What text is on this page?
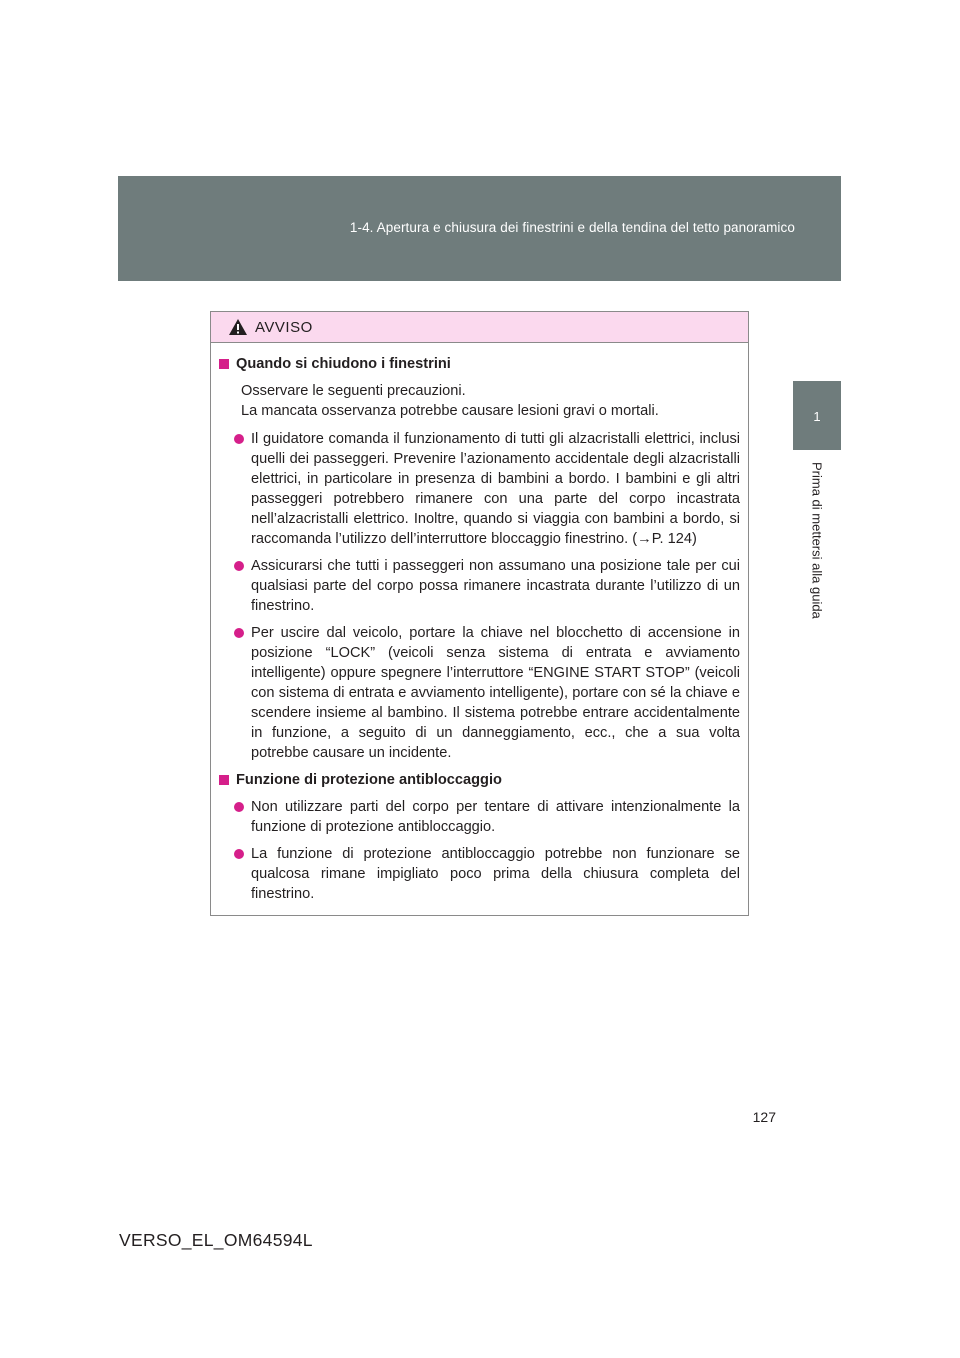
1-4. Apertura e chiusura dei finestrini e della tendina del tetto panoramico
1
Prima di mettersi alla guida
AVVISO
Quando si chiudono i finestrini
Osservare le seguenti precauzioni.
La mancata osservanza potrebbe causare lesioni gravi o mortali.
Il guidatore comanda il funzionamento di tutti gli alzacristalli elettrici, inclusi quelli dei passeggeri. Prevenire l’azionamento accidentale degli alzacristalli elettrici, in particolare in presenza di bambini a bordo. I bambini e gli altri passeggeri potrebbero rimanere con una parte del corpo incastrata nell’alzacristalli elettrico. Inoltre, quando si viaggia con bambini a bordo, si raccomanda l’utilizzo dell’interruttore bloccaggio finestrino. (→P. 124)
Assicurarsi che tutti i passeggeri non assumano una posizione tale per cui qualsiasi parte del corpo possa rimanere incastrata durante l’utilizzo di un finestrino.
Per uscire dal veicolo, portare la chiave nel blocchetto di accensione in posizione “LOCK” (veicoli senza sistema di entrata e avviamento intelligente) oppure spegnere l’interruttore “ENGINE START STOP” (veicoli con sistema di entrata e avviamento intelligente), portare con sé la chiave e scendere insieme al bambino. Il sistema potrebbe entrare accidentalmente in funzione, a seguito di un danneggiamento, ecc., che a sua volta potrebbe causare un incidente.
Funzione di protezione antibloccaggio
Non utilizzare parti del corpo per tentare di attivare intenzionalmente la funzione di protezione antibloccaggio.
La funzione di protezione antibloccaggio potrebbe non funzionare se qualcosa rimane impigliato poco prima della chiusura completa del finestrino.
127
VERSO_EL_OM64594L
